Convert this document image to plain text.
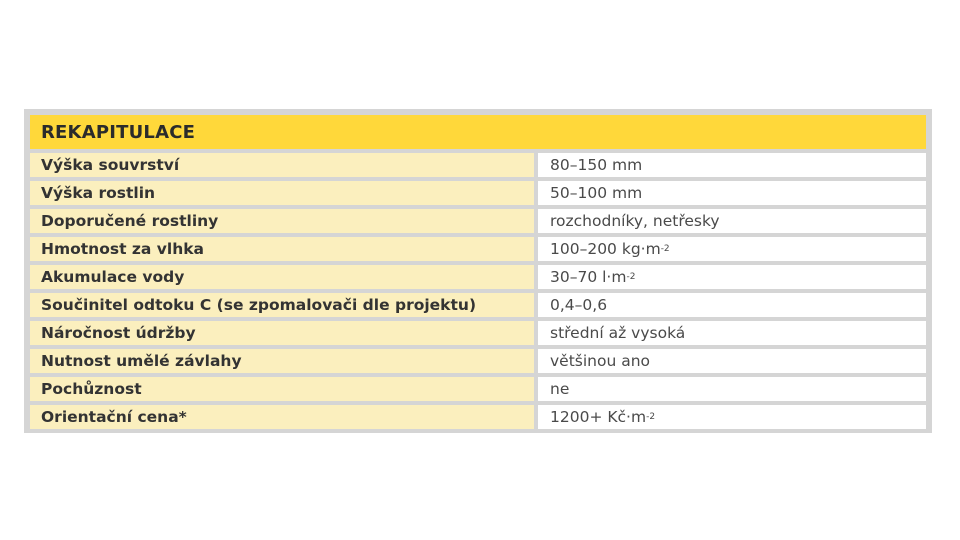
REKAPITULACE
Výška souvrství	80–150 mm
Výška rostlin	50–100 mm
Doporučené rostliny	rozchodníky, netřesky
Hmotnost za vlhka	100–200 kg·m -2
Akumulace vody	30–70 l·m -2
Součinitel odtoku C (se zpomalovači dle projektu)	0,4–0,6
Náročnost údržby	střední až vysoká
Nutnost umělé závlahy	většinou ano
Pochůznost	ne
Orientační cena*	1200+ Kč·m -2
